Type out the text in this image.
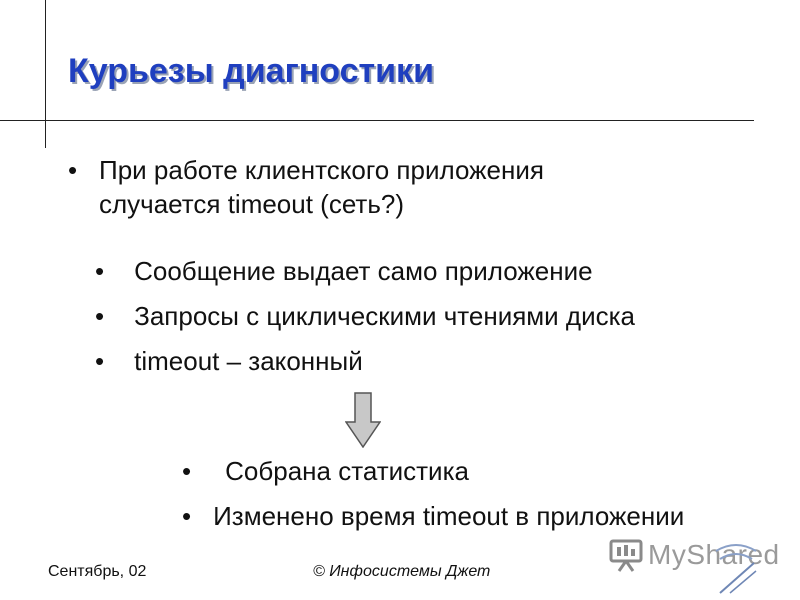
Курьезы диагностики
• При работе клиентского приложения
случается timeout (сеть?)
• Сообщение выдает само приложение
• Запросы с циклическими чтениями диска
• timeout – законный
• Собрана статистика
• Изменено время timeout в приложении
Сентябрь, 02	© Инфосистемы Джет
MyShared
